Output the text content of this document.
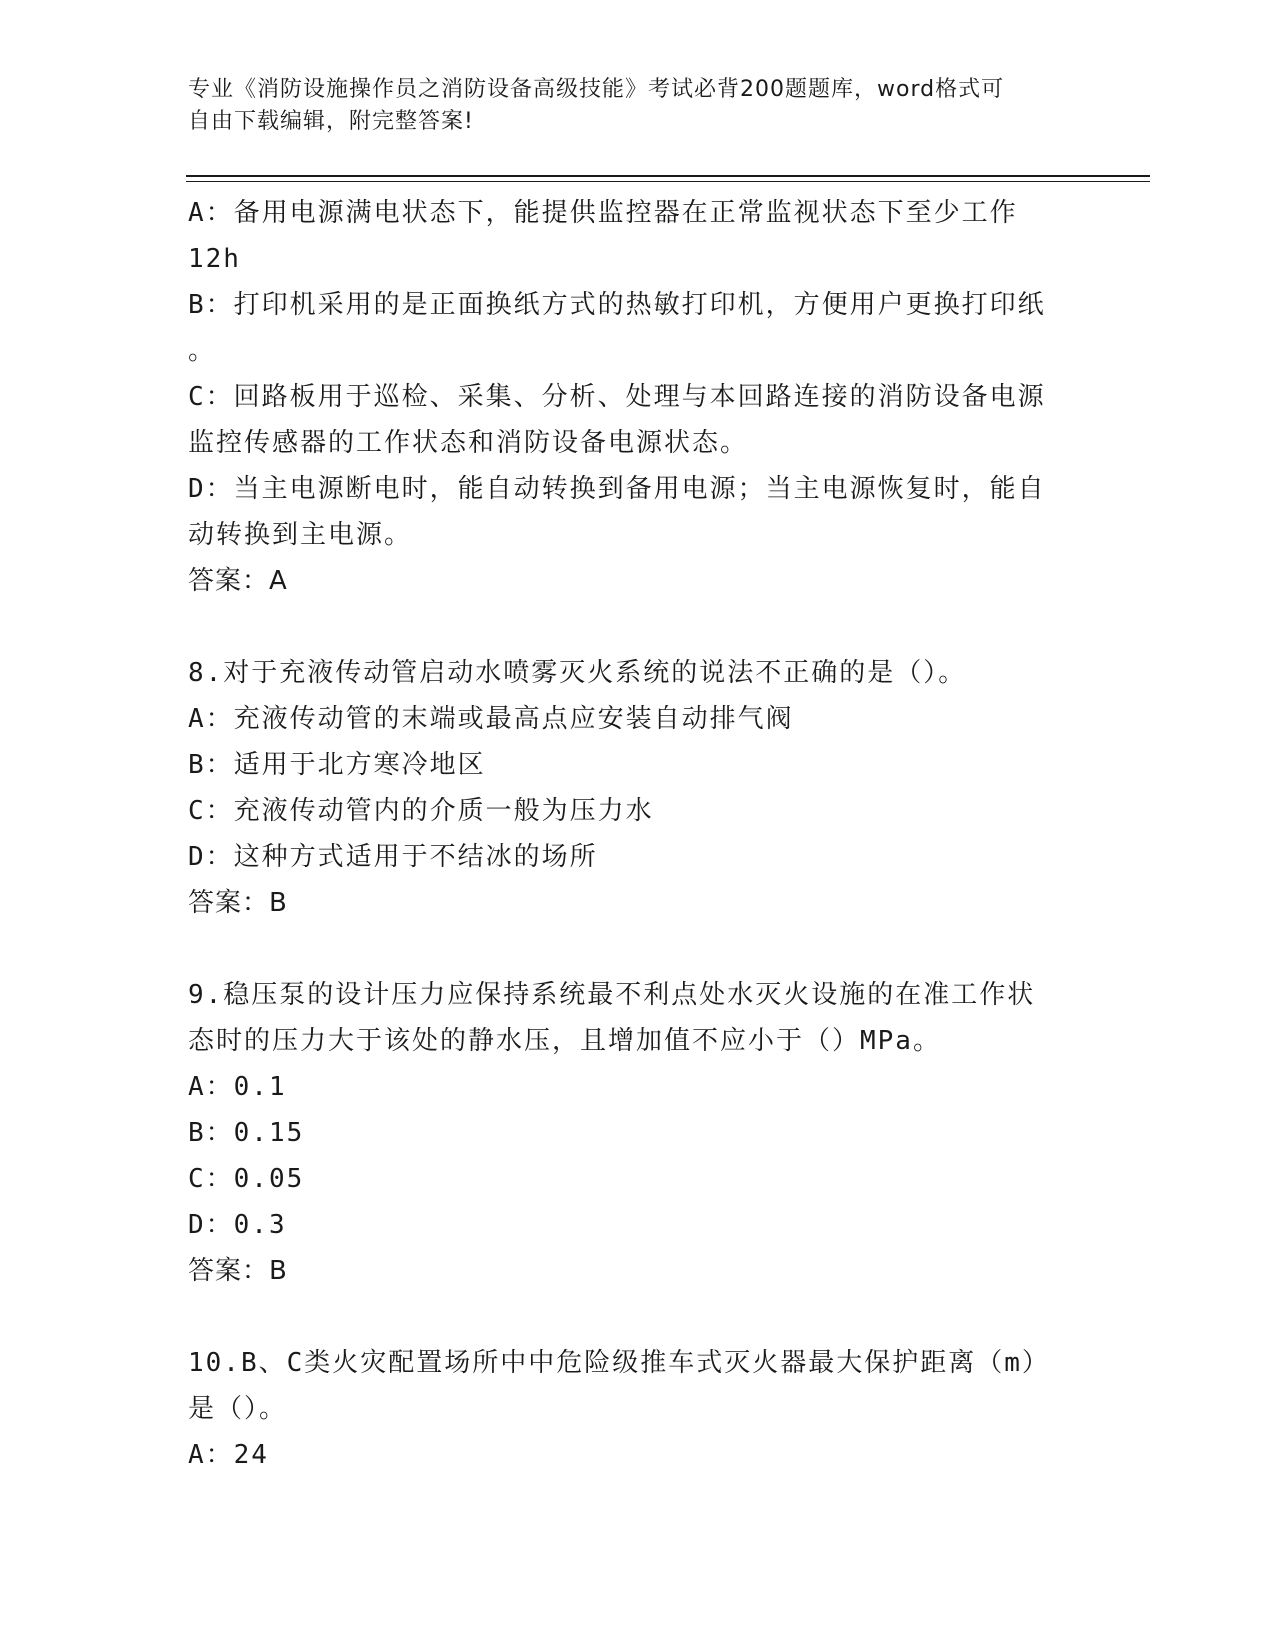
专业《消防设施操作员之消防设备高级技能》考试必背200题题库，word格式可
自由下载编辑，附完整答案!
A：备用电源满电状态下，能提供监控器在正常监视状态下至少工作
12h
B：打印机采用的是正面换纸方式的热敏打印机，方便用户更换打印纸
。
C：回路板用于巡检、采集、分析、处理与本回路连接的消防设备电源
监控传感器的工作状态和消防设备电源状态。
D：当主电源断电时，能自动转换到备用电源；当主电源恢复时，能自
动转换到主电源。
答案：A
8.对于充液传动管启动水喷雾灭火系统的说法不正确的是（）。
A：充液传动管的末端或最高点应安装自动排气阀
B：适用于北方寒冷地区
C：充液传动管内的介质一般为压力水
D：这种方式适用于不结冰的场所
答案：B
9.稳压泵的设计压力应保持系统最不利点处水灭火设施的在准工作状
态时的压力大于该处的静水压，且增加值不应小于（）MPa。
A：0.1
B：0.15
C：0.05
D：0.3
答案：B
10.B、C类火灾配置场所中中危险级推车式灭火器最大保护距离（m）
是（）。
A：24
